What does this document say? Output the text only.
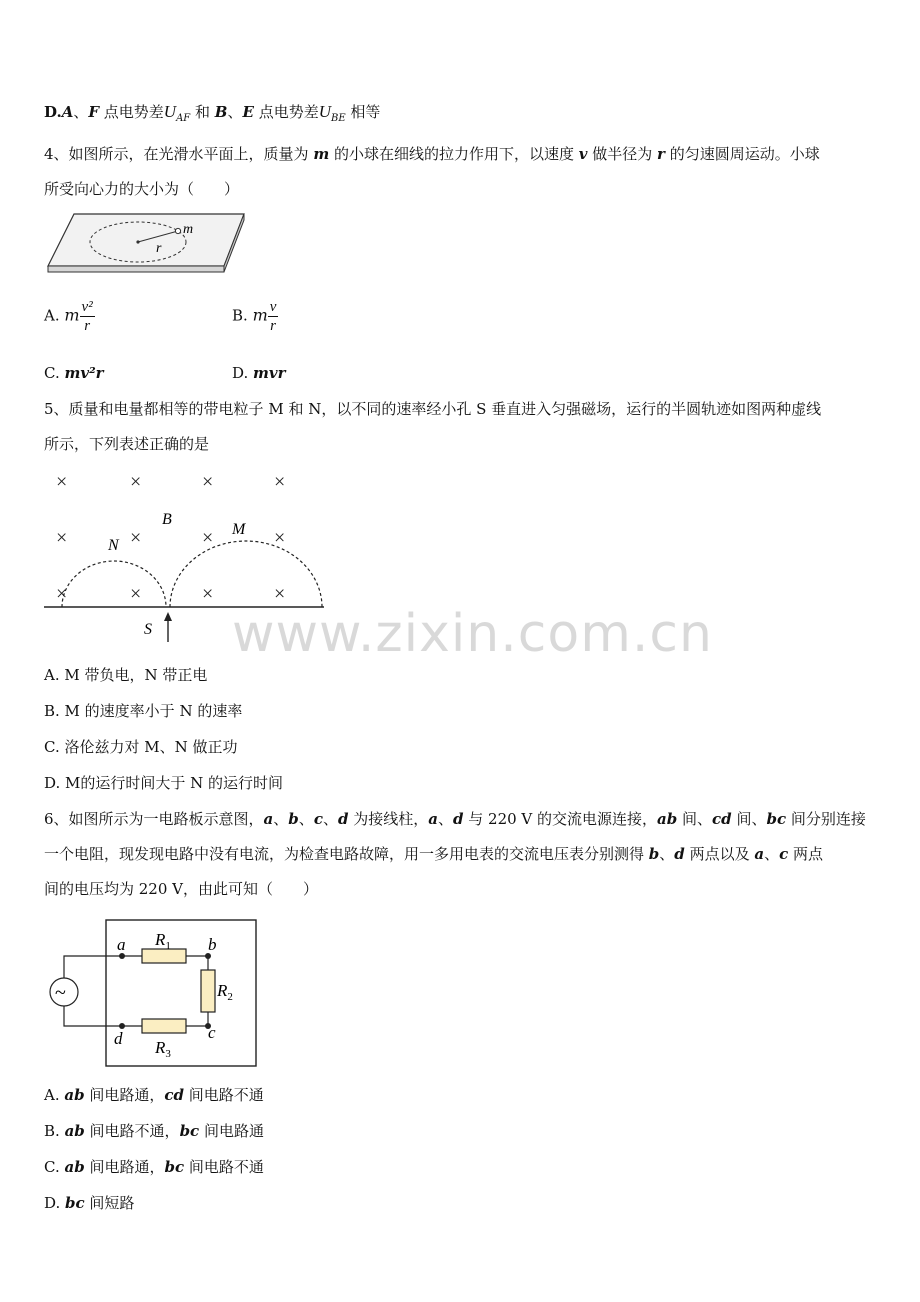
www.zixin.com.cn
D.A、F 点电势差$U_{AF}$ 和 B、E 点电势差$U_{BE}$ 相等
4、如图所示，在光滑水平面上，质量为 m 的小球在细线的拉力作用下，以速度 v 做半径为 r 的匀速圆周运动。小球
所受向心力的大小为（　　）
m
r
A. m $\frac{\text{v²}}{r}$	B. m $\frac{v}{r}$
C. mv²r	D. mvr
5、质量和电量都相等的带电粒子 M 和 N，以不同的速率经小孔 S 垂直进入匀强磁场，运行的半圆轨迹如图两种虚线
所示，下列表述正确的是
×	×	×	×
×	×	×	×
×	×	×	×
B
N
M
S
A. M 带负电，N 带正电
B. M 的速度率小于 N 的速率
C. 洛伦兹力对 M、N 做正功
D. M的运行时间大于 N 的运行时间
6、如图所示为一电路板示意图，a、b、c、d 为接线柱，a、d 与 220 V 的交流电源连接，ab 间、cd 间、bc 间分别连接
一个电阻，现发现电路中没有电流，为检查电路故障，用一多用电表的交流电压表分别测得 b、d 两点以及 a、c 两点
间的电压均为 220 V，由此可知（　　）
~
a	b
c
d
$R_1$
$R_2$
$R_3$
A. ab 间电路通，cd 间电路不通
B. ab 间电路不通，bc 间电路通
C. ab 间电路通，bc 间电路不通
D. bc 间短路
